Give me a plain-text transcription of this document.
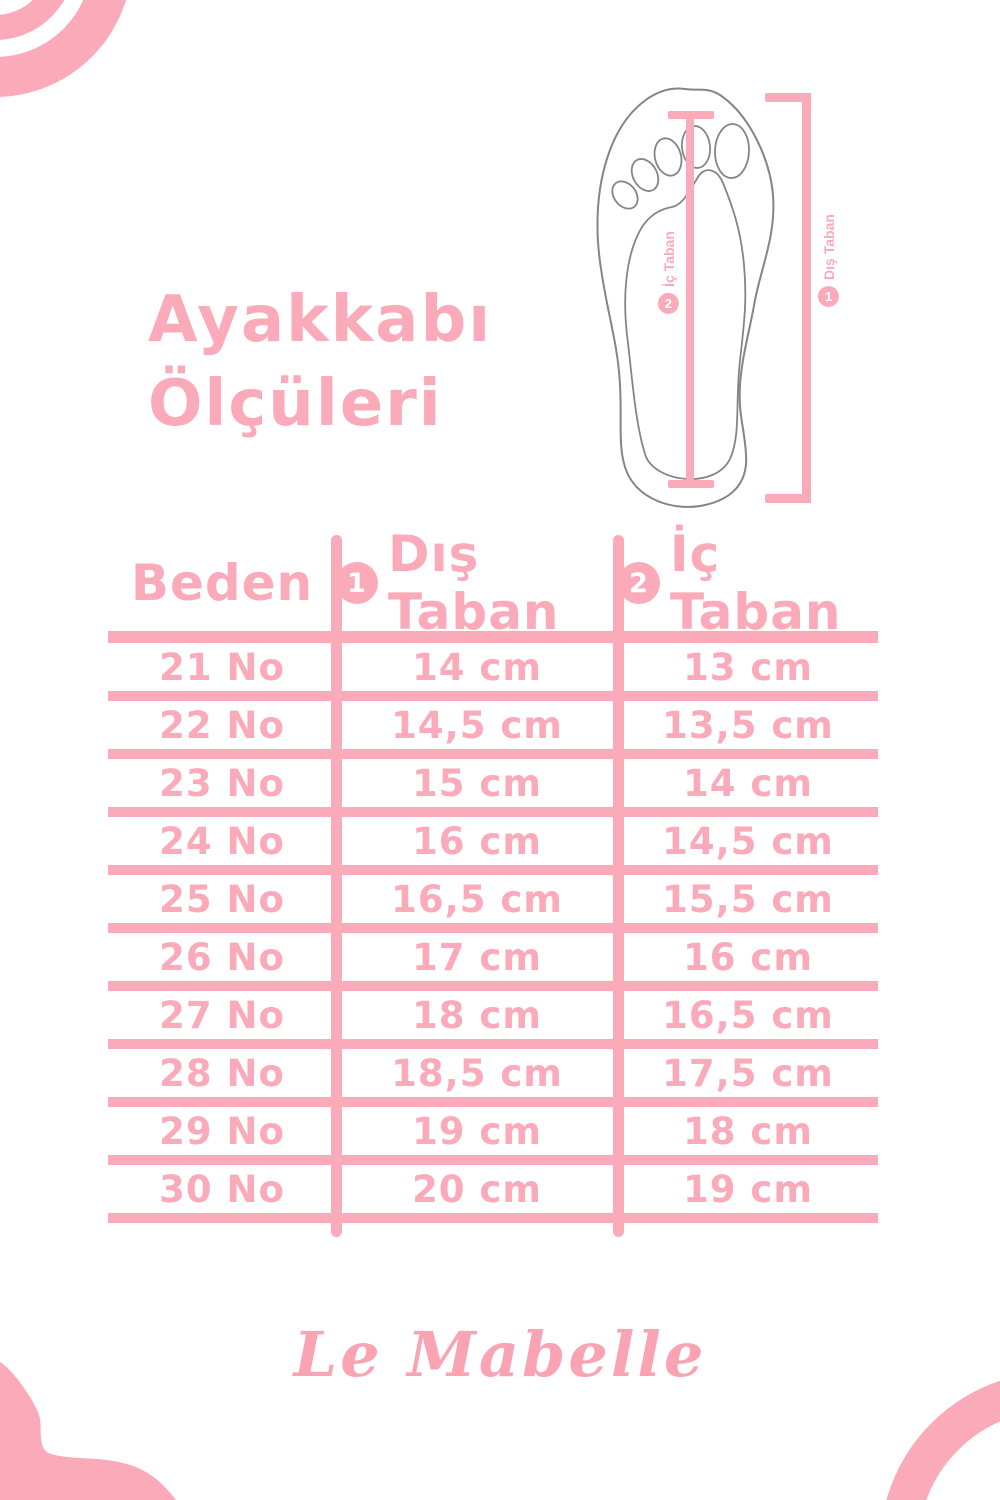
Ayakkabı
Ölçüleri
2
İç Taban
1
Dış Taban
Beden	1 Dış Taban	2 İç Taban
21 No	14 cm	13 cm
22 No	14,5 cm	13,5 cm
23 No	15 cm	14 cm
24 No	16 cm	14,5 cm
25 No	16,5 cm	15,5 cm
26 No	17 cm	16 cm
27 No	18 cm	16,5 cm
28 No	18,5 cm	17,5 cm
29 No	19 cm	18 cm
30 No	20 cm	19 cm
Le Mabelle
